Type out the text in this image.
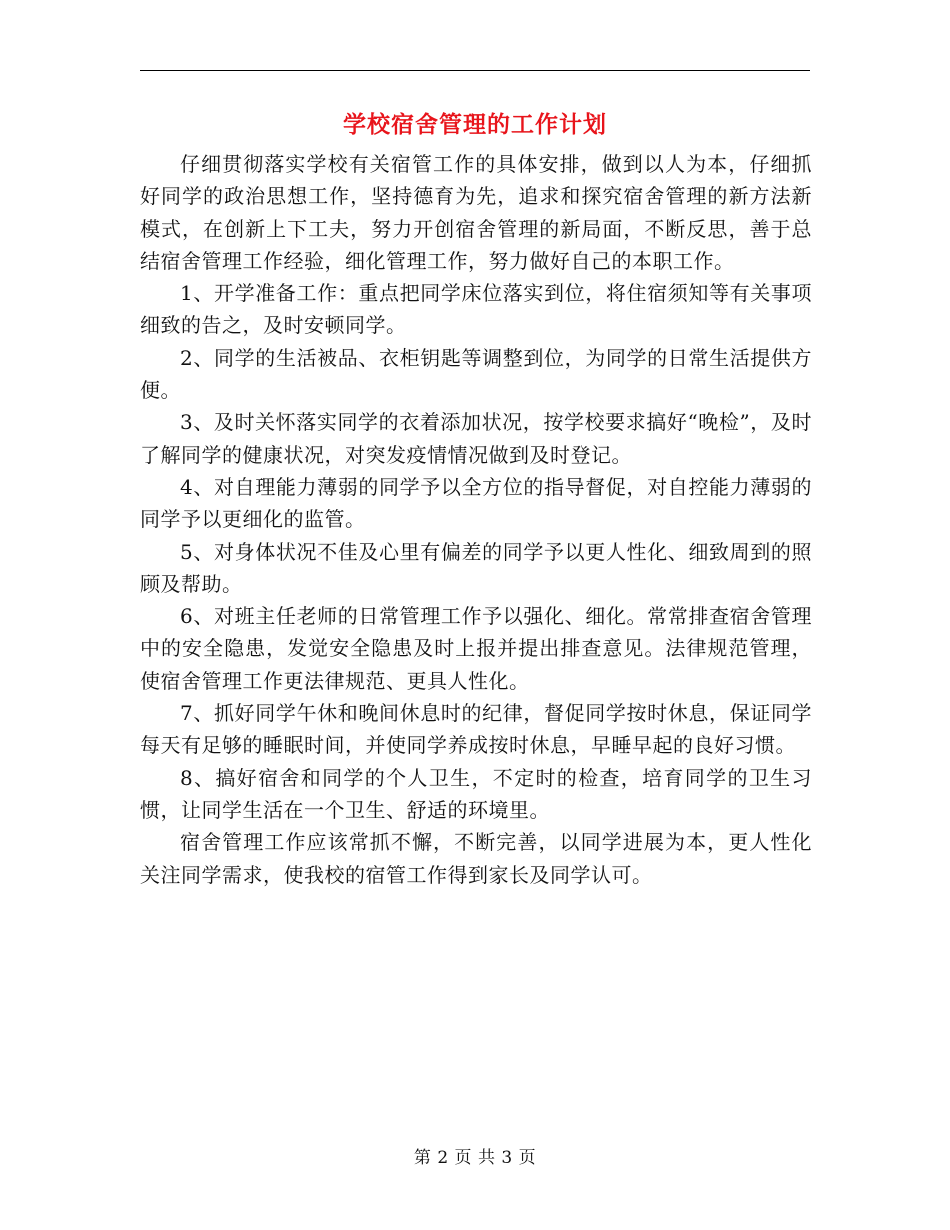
学校宿舍管理的工作计划

仔细贯彻落实学校有关宿管工作的具体安排，做到以人为本，仔细抓好同学的政治思想工作，坚持德育为先，追求和探究宿舍管理的新方法新模式，在创新上下工夫，努力开创宿舍管理的新局面，不断反思，善于总结宿舍管理工作经验，细化管理工作，努力做好自己的本职工作。

1、开学准备工作：重点把同学床位落实到位，将住宿须知等有关事项细致的告之，及时安顿同学。

2、同学的生活被品、衣柜钥匙等调整到位，为同学的日常生活提供方便。

3、及时关怀落实同学的衣着添加状况，按学校要求搞好“晚检”，及时了解同学的健康状况，对突发疫情情况做到及时登记。

4、对自理能力薄弱的同学予以全方位的指导督促，对自控能力薄弱的同学予以更细化的监管。

5、对身体状况不佳及心里有偏差的同学予以更人性化、细致周到的照顾及帮助。

6、对班主任老师的日常管理工作予以强化、细化。常常排查宿舍管理中的安全隐患，发觉安全隐患及时上报并提出排查意见。法律规范管理，使宿舍管理工作更法律规范、更具人性化。

7、抓好同学午休和晚间休息时的纪律，督促同学按时休息，保证同学每天有足够的睡眠时间，并使同学养成按时休息，早睡早起的良好习惯。

8、搞好宿舍和同学的个人卫生，不定时的检查，培育同学的卫生习惯，让同学生活在一个卫生、舒适的环境里。

宿舍管理工作应该常抓不懈，不断完善，以同学进展为本，更人性化关注同学需求，使我校的宿管工作得到家长及同学认可。

第 2 页 共 3 页
